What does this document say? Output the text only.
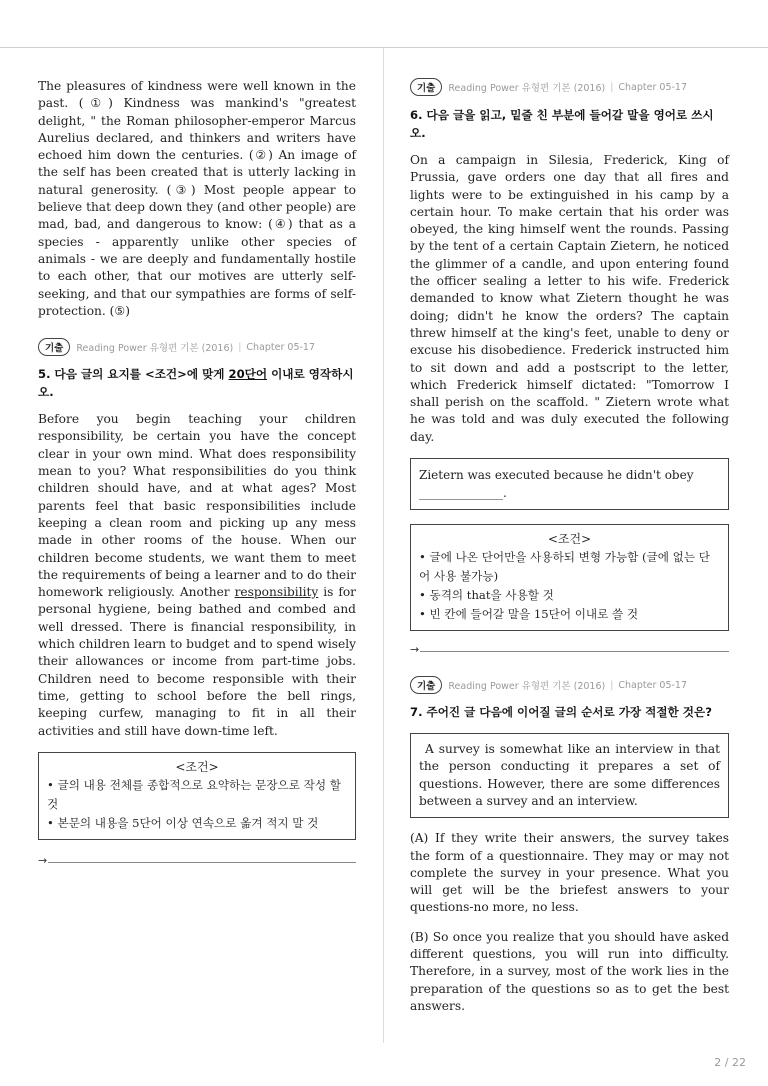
The pleasures of kindness were well known in the past. (①) Kindness was mankind's "greatest delight, " the Roman philosopher-emperor Marcus Aurelius declared, and thinkers and writers have echoed him down the centuries. (②) An image of the self has been created that is utterly lacking in natural generosity. (③) Most people appear to believe that deep down they (and other people) are mad, bad, and dangerous to know: (④) that as a species - apparently unlike other species of animals - we are deeply and fundamentally hostile to each other, that our motives are utterly self-seeking, and that our sympathies are forms of self-protection. (⑤)

기출	Reading Power 유형편 기본 (2016) | Chapter 05-17

5. 다음 글의 요지를 <조건>에 맞게 20단어 이내로 영작하시오.

Before you begin teaching your children responsibility, be certain you have the concept clear in your own mind. What does responsibility mean to you? What responsibilities do you think children should have, and at what ages? Most parents feel that basic responsibilities include keeping a clean room and picking up any mess made in other rooms of the house. When our children become students, we want them to meet the requirements of being a learner and to do their homework religiously. Another responsibility is for personal hygiene, being bathed and combed and well dressed. There is financial responsibility, in which children learn to budget and to spend wisely their allowances or income from part-time jobs. Children need to become responsible with their time, getting to school before the bell rings, keeping curfew, managing to fit in all their activities and still have down-time left.

<조건>
• 글의 내용 전체를 종합적으로 요약하는 문장으로 작성 할 것
• 본문의 내용을 5단어 이상 연속으로 옮겨 적지 말 것
→
기출	Reading Power 유형편 기본 (2016) | Chapter 05-17

6. 다음 글을 읽고, 밑줄 친 부분에 들어갈 말을 영어로 쓰시오.

On a campaign in Silesia, Frederick, King of Prussia, gave orders one day that all fires and lights were to be extinguished in his camp by a certain hour. To make certain that his order was obeyed, the king himself went the rounds. Passing by the tent of a certain Captain Zietern, he noticed the glimmer of a candle, and upon entering found the officer sealing a letter to his wife. Frederick demanded to know what Zietern thought he was doing; didn't he know the orders? The captain threw himself at the king's feet, unable to deny or excuse his disobedience. Frederick instructed him to sit down and add a postscript to the letter, which Frederick himself dictated: "Tomorrow I shall perish on the scaffold. " Zietern wrote what he was told and was duly executed the following day.

Zietern was executed because he didn't obey
______________.
<조건>
• 글에 나온 단어만을 사용하되 변형 가능함 (글에 없는 단어 사용 불가능)
• 동격의 that을 사용할 것
• 빈 칸에 들어갈 말을 15단어 이내로 쓸 것
→
기출	Reading Power 유형편 기본 (2016) | Chapter 05-17

7. 주어진 글 다음에 이어질 글의 순서로 가장 적절한 것은?

A survey is somewhat like an interview in that the person conducting it prepares a set of questions. However, there are some differences between a survey and an interview.

(A) If they write their answers, the survey takes the form of a questionnaire. They may or may not complete the survey in your presence. What you will get will be the briefest answers to your questions-no more, no less.

(B) So once you realize that you should have asked different questions, you will run into difficulty. Therefore, in a survey, most of the work lies in the preparation of the questions so as to get the best answers.

2 / 22
